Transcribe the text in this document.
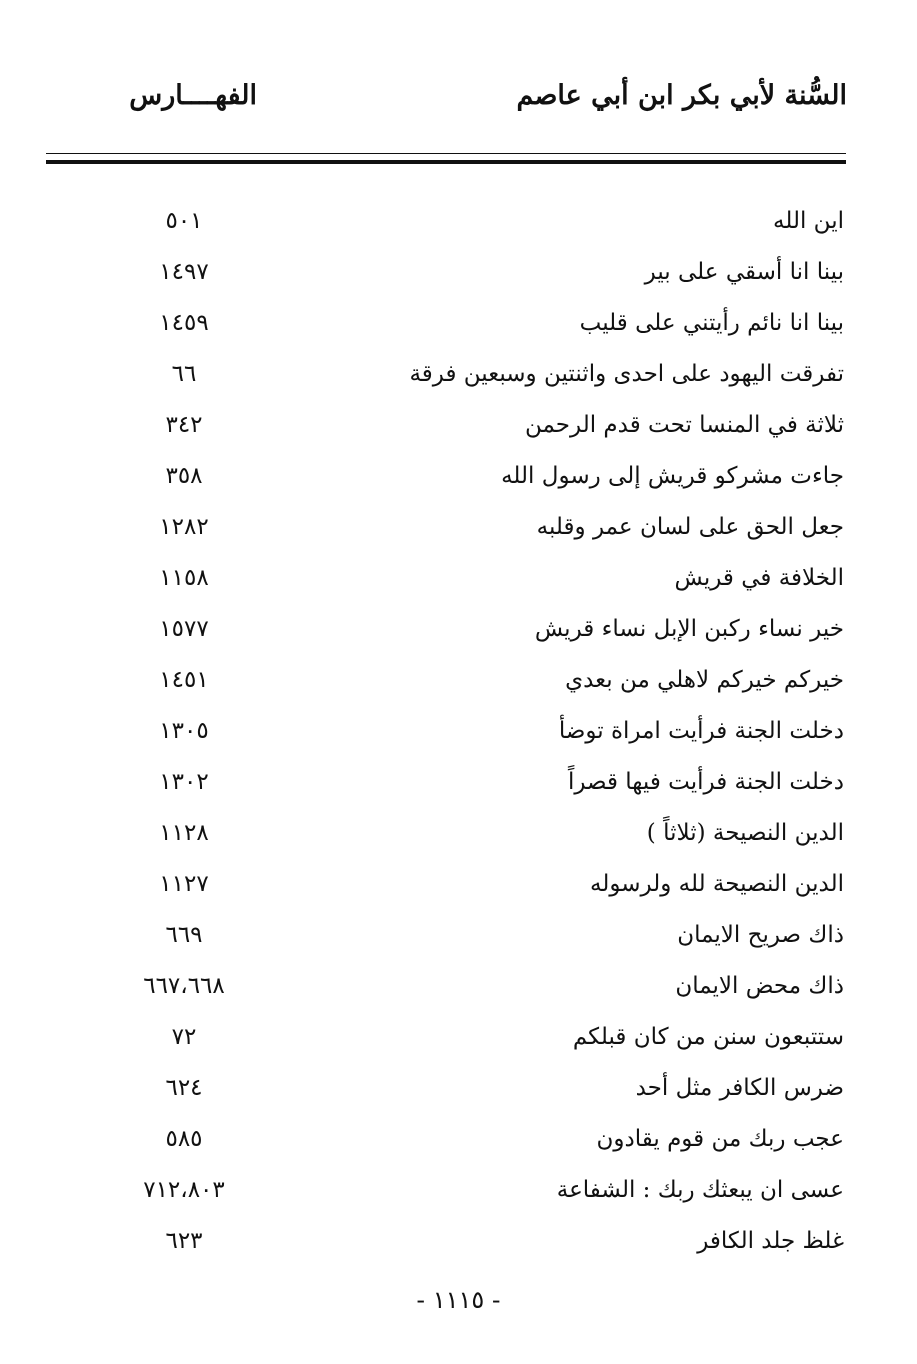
السُّنة لأبي بكر ابن أبي عاصم
الفهــــارس
اين الله
٥٠١
بينا انا أسقي على بير
١٤٩٧
بينا انا نائم رأيتني على قليب
١٤٥٩
تفرقت اليهود على احدى واثنتين وسبعين فرقة
٦٦
ثلاثة في المنسا تحت قدم الرحمن
٣٤٢
جاءت مشركو قريش إلى رسول الله
٣٥٨
جعل الحق على لسان عمر وقلبه
١٢٨٢
الخلافة في قريش
١١٥٨
خير نساء ركبن الإبل نساء قريش
١٥٧٧
خيركم خيركم لاهلي من بعدي
١٤٥١
دخلت الجنة فرأيت امراة توضأ
١٣٠٥
دخلت الجنة فرأيت فيها قصراً
١٣٠٢
الدين النصيحة (ثلاثاً )
١١٢٨
الدين النصيحة لله ولرسوله
١١٢٧
ذاك صريح الايمان
٦٦٩
ذاك محض الايمان
٦٦٧،٦٦٨
ستتبعون سنن من كان قبلكم
٧٢
ضرس الكافر مثل أحد
٦٢٤
عجب ربك من قوم يقادون
٥٨٥
عسى ان يبعثك ربك : الشفاعة
٧١٢،٨٠٣
غلظ جلد الكافر
٦٢٣
- ١١١٥ -
